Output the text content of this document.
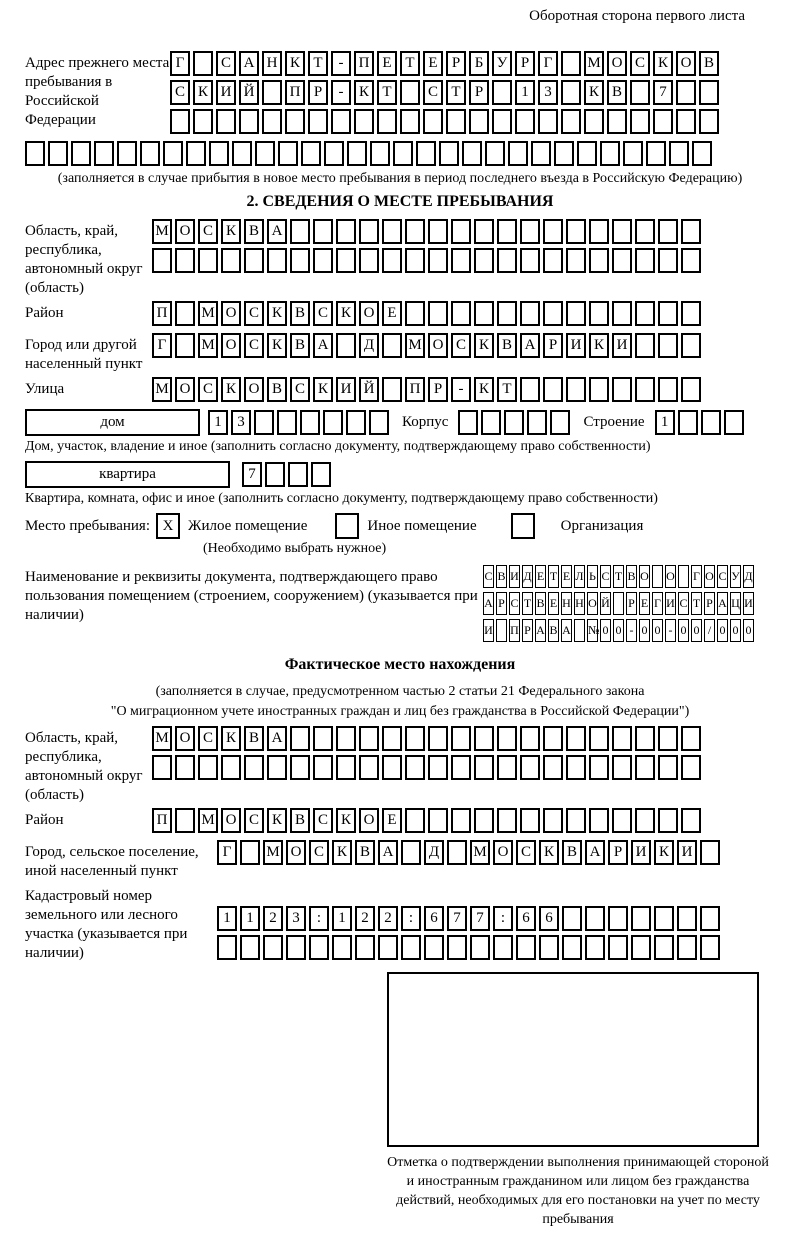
Оборотная сторона первого листа
Адрес прежнего места пребывания в Российской Федерации
Г	С А Н К Т	-	П Е Т Е Р Б У Р Г	М О С К О В
С К И Й	П Р	-	К Т	С Т Р	1	3	К В	7
(заполняется в случае прибытия в новое место пребывания в период последнего въезда в Российскую Федерацию)
2. СВЕДЕНИЯ О МЕСТЕ ПРЕБЫВАНИЯ
Область, край, республика, автономный округ (область)
М О С К В А
Район	П	М О С К В С К О Е
Город или другой населенный пункт
Г	М О С К В А	Д	М О С К В А Р И К И
Улица	М О С К О В С К И Й	П Р	-	К Т
дом	1	3	Корпус	Строение	1
Дом, участок, владение и иное (заполнить согласно документу, подтверждающему право собственности)
квартира	7
Квартира, комната, офис и иное (заполнить согласно документу, подтверждающему право собственности)
Место пребывания: X Жилое помещение	Иное помещение	Организация
(Необходимо выбрать нужное)
Наименование и реквизиты документа, подтверждающего право пользования помещением (строением, сооружением) (указывается при наличии)
С В И Д Е Т Е Л Ь С Т В О О Г О С У Д
А Р С Т В Е Н Н О Й Р Е Г И С Т Р А Ц И
И П Р А В А № 0 0 - 0 0 - 0 0 / 0 0 0
Фактическое место нахождения
(заполняется в случае, предусмотренном частью 2 статьи 21 Федерального закона
"О миграционном учете иностранных граждан и лиц без гражданства в Российской Федерации")
Область, край, республика, автономный округ (область)
М О С К В А
Район	П	М О С К В С К О Е
Город, сельское поселение, иной населенный пункт
Г	М О С К В А	Д	М О С К В А Р И К И
Кадастровый номер земельного или лесного участка (указывается при наличии)
1	1	2	3	:	1	2	2	:	6	7	7	:	6	6
Отметка о подтверждении выполнения принимающей стороной и иностранным гражданином или лицом без гражданства действий, необходимых для его постановки на учет по месту пребывания
